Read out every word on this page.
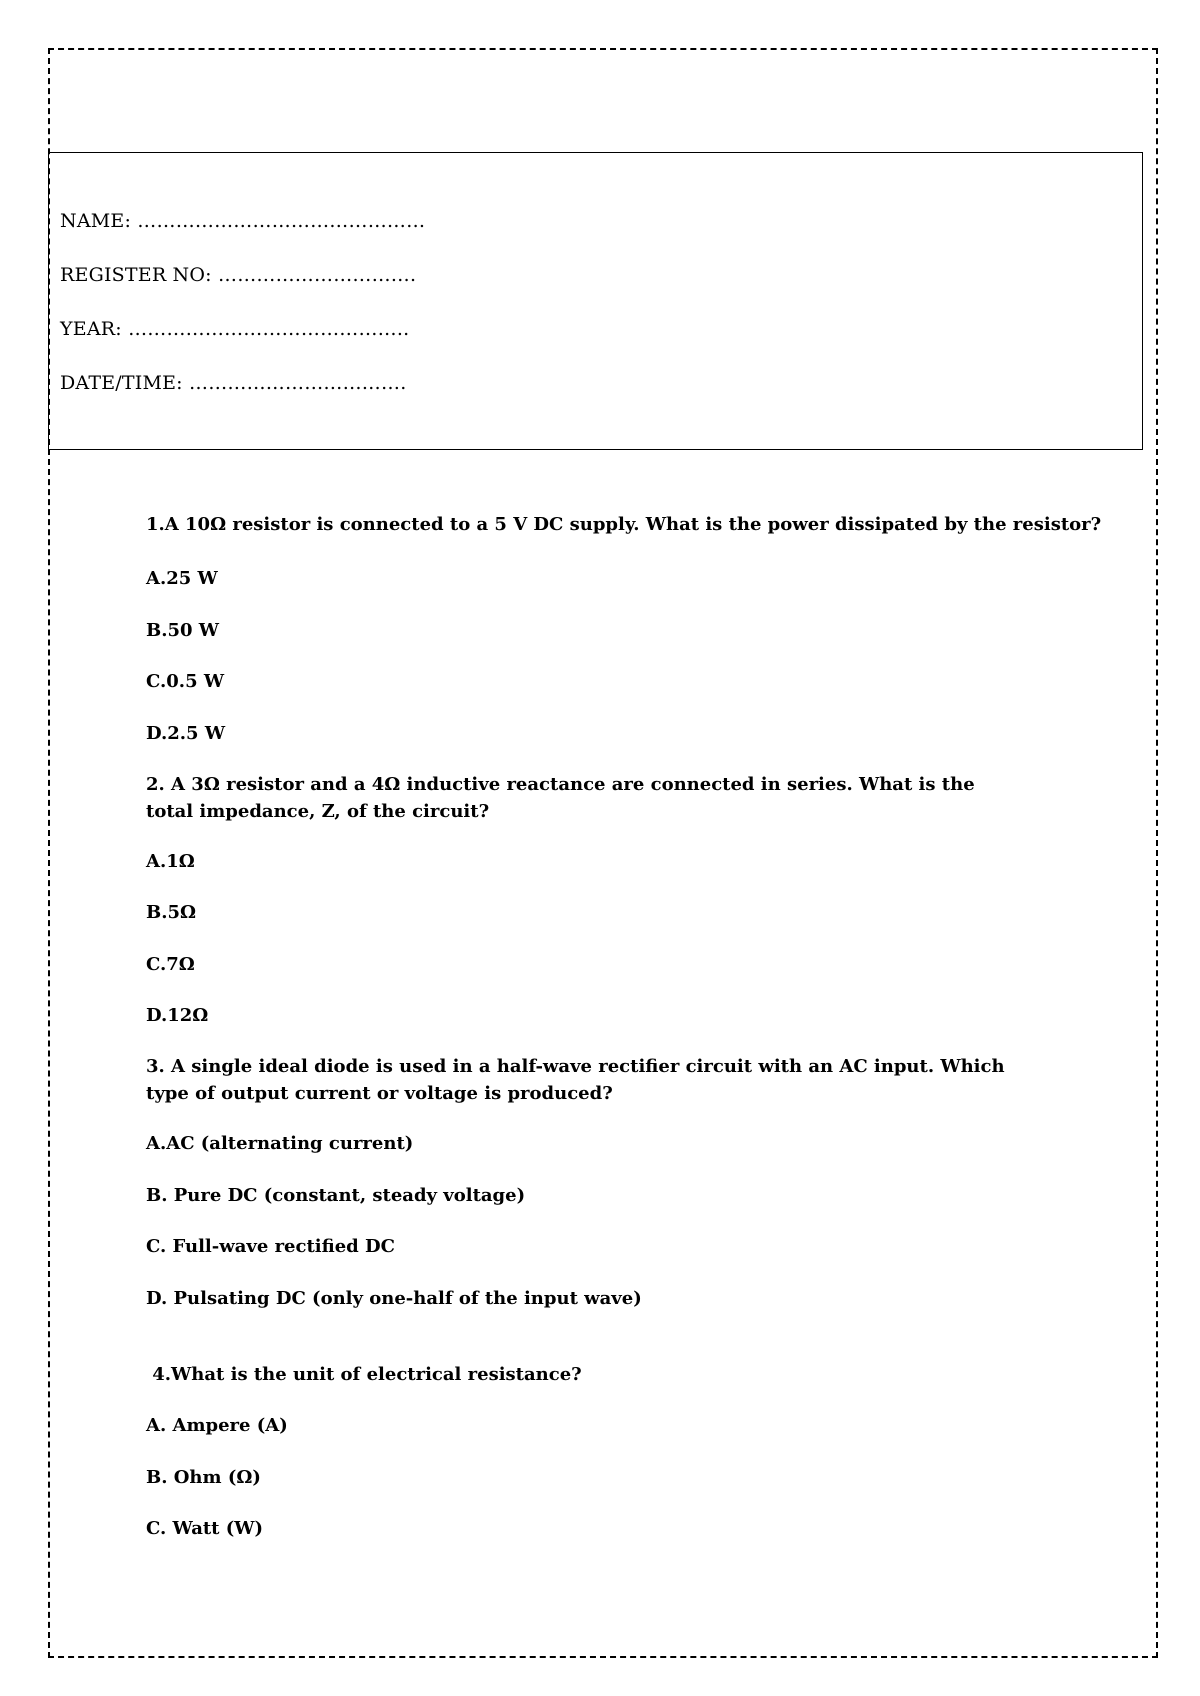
NAME: ………………………………………
REGISTER NO: ………………………….
YEAR: ……………………………………..
DATE/TIME: …………………………….
1.A 10Ω resistor is connected to a 5 V DC supply. What is the power dissipated by the resistor?
A.25 W
B.50 W
C.0.5 W
D.2.5 W
2. A 3Ω resistor and a 4Ω inductive reactance are connected in series. What is the total impedance, Z, of the circuit?
A.1Ω
B.5Ω
C.7Ω
D.12Ω
3. A single ideal diode is used in a half-wave rectifier circuit with an AC input. Which type of output current or voltage is produced?
A.AC (alternating current)
B. Pure DC (constant, steady voltage)
C. Full-wave rectified DC
D. Pulsating DC (only one-half of the input wave)
4.What is the unit of electrical resistance?
A. Ampere (A)
B. Ohm (Ω)
C. Watt (W)
